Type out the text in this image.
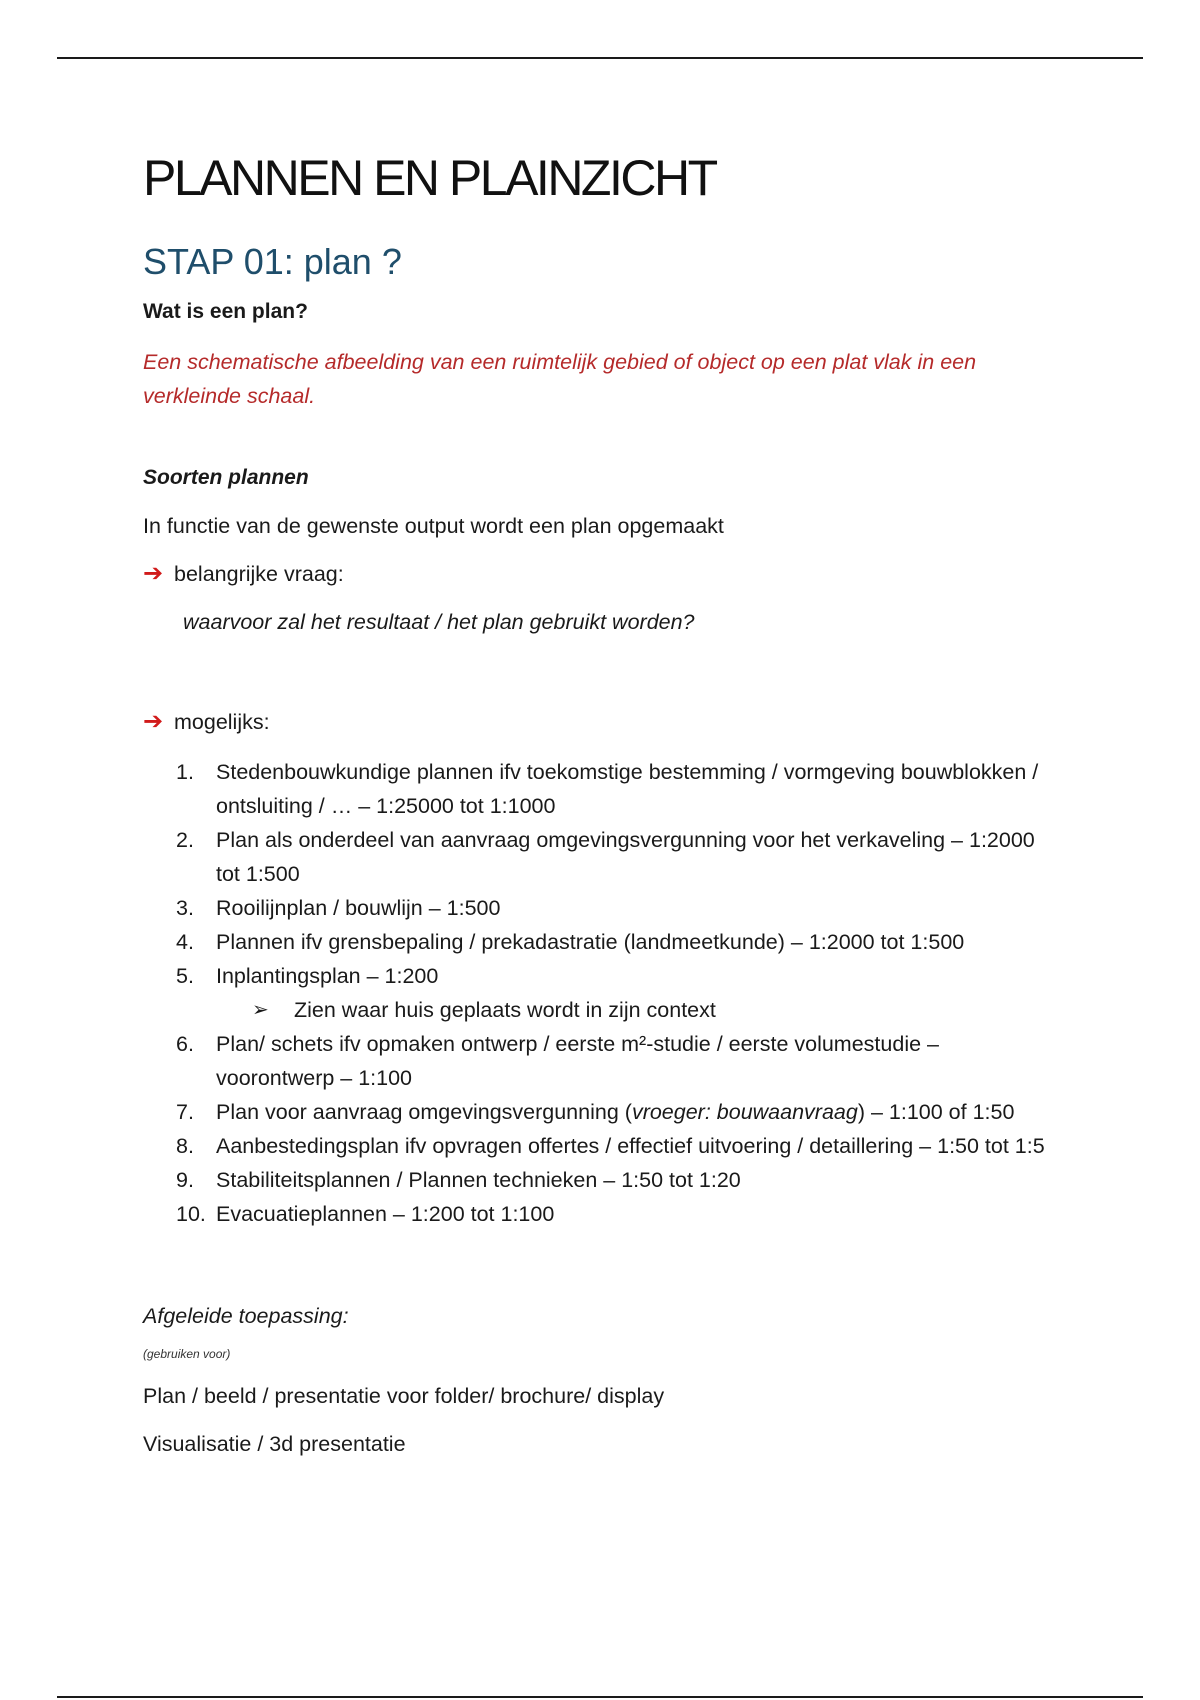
PLANNEN EN PLAINZICHT
STAP 01: plan ?

Wat is een plan?

Een schematische afbeelding van een ruimtelijk gebied of object op een plat vlak in een verkleinde schaal.

Soorten plannen

In functie van de gewenste output wordt een plan opgemaakt

➔ belangrijke vraag:

waarvoor zal het resultaat / het plan gebruikt worden?

➔ mogelijks:
1.	Stedenbouwkundige plannen ifv toekomstige bestemming / vormgeving bouwblokken / ontsluiting / … – 1:25000 tot 1:1000
2.	Plan als onderdeel van aanvraag omgevingsvergunning voor het verkaveling – 1:2000 tot 1:500
3.	Rooilijnplan / bouwlijn – 1:500
4.	Plannen ifv grensbepaling / prekadastratie (landmeetkunde) – 1:2000 tot 1:500
5.	Inplantingsplan – 1:200
➢ Zien waar huis geplaats wordt in zijn context
6.	Plan/ schets ifv opmaken ontwerp / eerste m²-studie / eerste volumestudie – voorontwerp – 1:100
7.	Plan voor aanvraag omgevingsvergunning (vroeger: bouwaanvraag) – 1:100 of 1:50
8.	Aanbestedingsplan ifv opvragen offertes / effectief uitvoering / detaillering – 1:50 tot 1:5
9.	Stabiliteitsplannen / Plannen technieken – 1:50 tot 1:20
10. Evacuatieplannen – 1:200 tot 1:100

Afgeleide toepassing:

(gebruiken voor)

Plan / beeld / presentatie voor folder/ brochure/ display

Visualisatie / 3d presentatie
